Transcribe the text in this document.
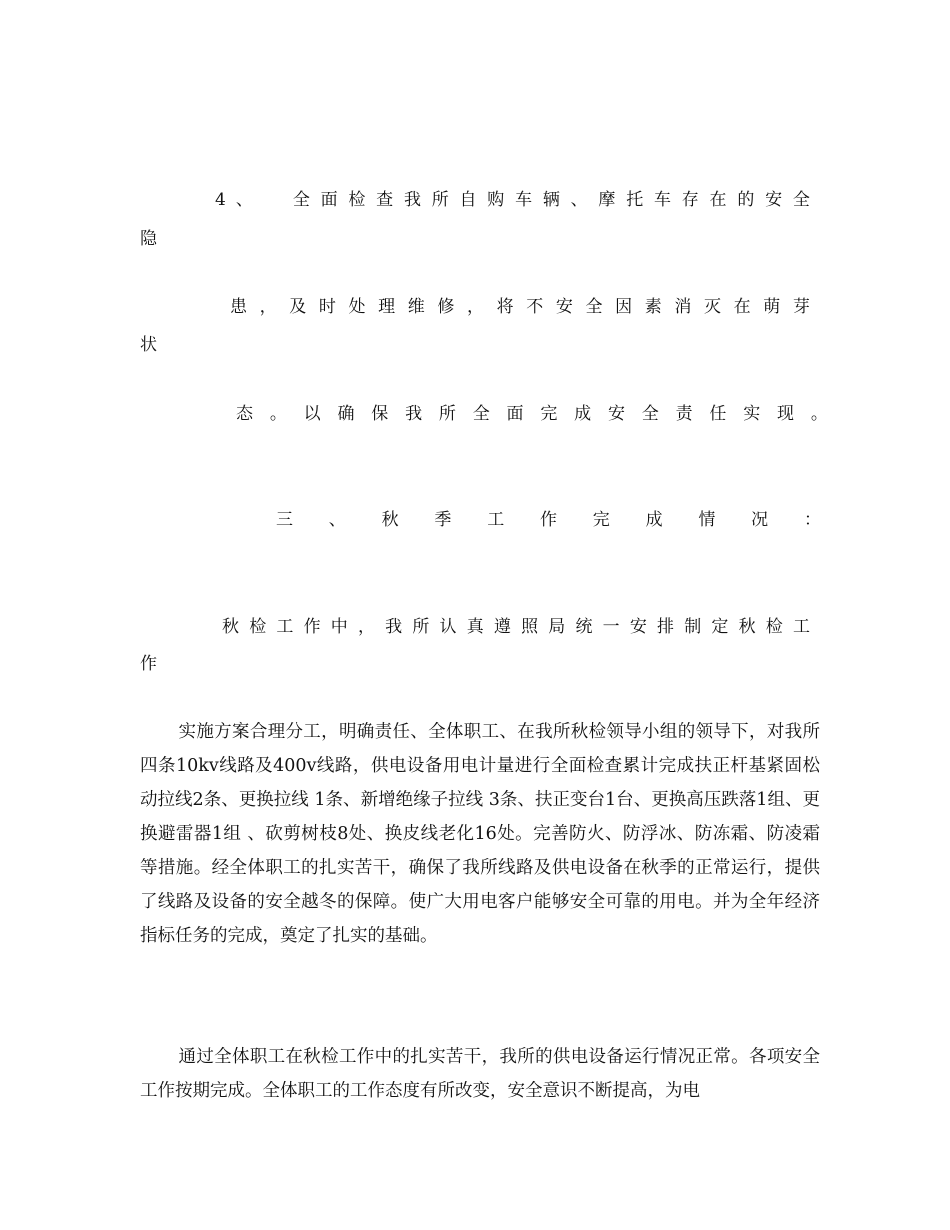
4、 全 面 检 查 我 所 自 购 车 辆 、 摩 托 车 存 在 的 安 全
隐
患 ， 及 时 处 理 维 修 ， 将 不 安 全 因 素 消 灭 在 萌 芽
状
态 。 以 确 保 我 所 全 面 完 成 安 全 责 任 实 现 。
三 、 秋 季 工 作 完 成 情 况 ：
秋 检 工 作 中 ， 我 所 认 真 遵 照 局 统 一 安 排 制 定 秋 检 工
作

实施方案合理分工，明确责任、全体职工、在我所秋检领导小组的领导下，对我所四条10kv线路及400v线路，供电设备用电计量进行全面检查累计完成扶正杆基紧固松动拉线2条、更换拉线 1条、新增绝缘子拉线 3条、扶正变台1台、更换高压跌落1组、更换避雷器1组 、砍剪树枝8处、换皮线老化16处。完善防火、防浮冰、防冻霜、防凌霜等措施。经全体职工的扎实苦干，确保了我所线路及供电设备在秋季的正常运行，提供了线路及设备的安全越冬的保障。使广大用电客户能够安全可靠的用电。并为全年经济指标任务的完成，奠定了扎实的基础。

通过全体职工在秋检工作中的扎实苦干，我所的供电设备运行情况正常。各项安全工作按期完成。全体职工的工作态度有所改变，安全意识不断提高，为电
